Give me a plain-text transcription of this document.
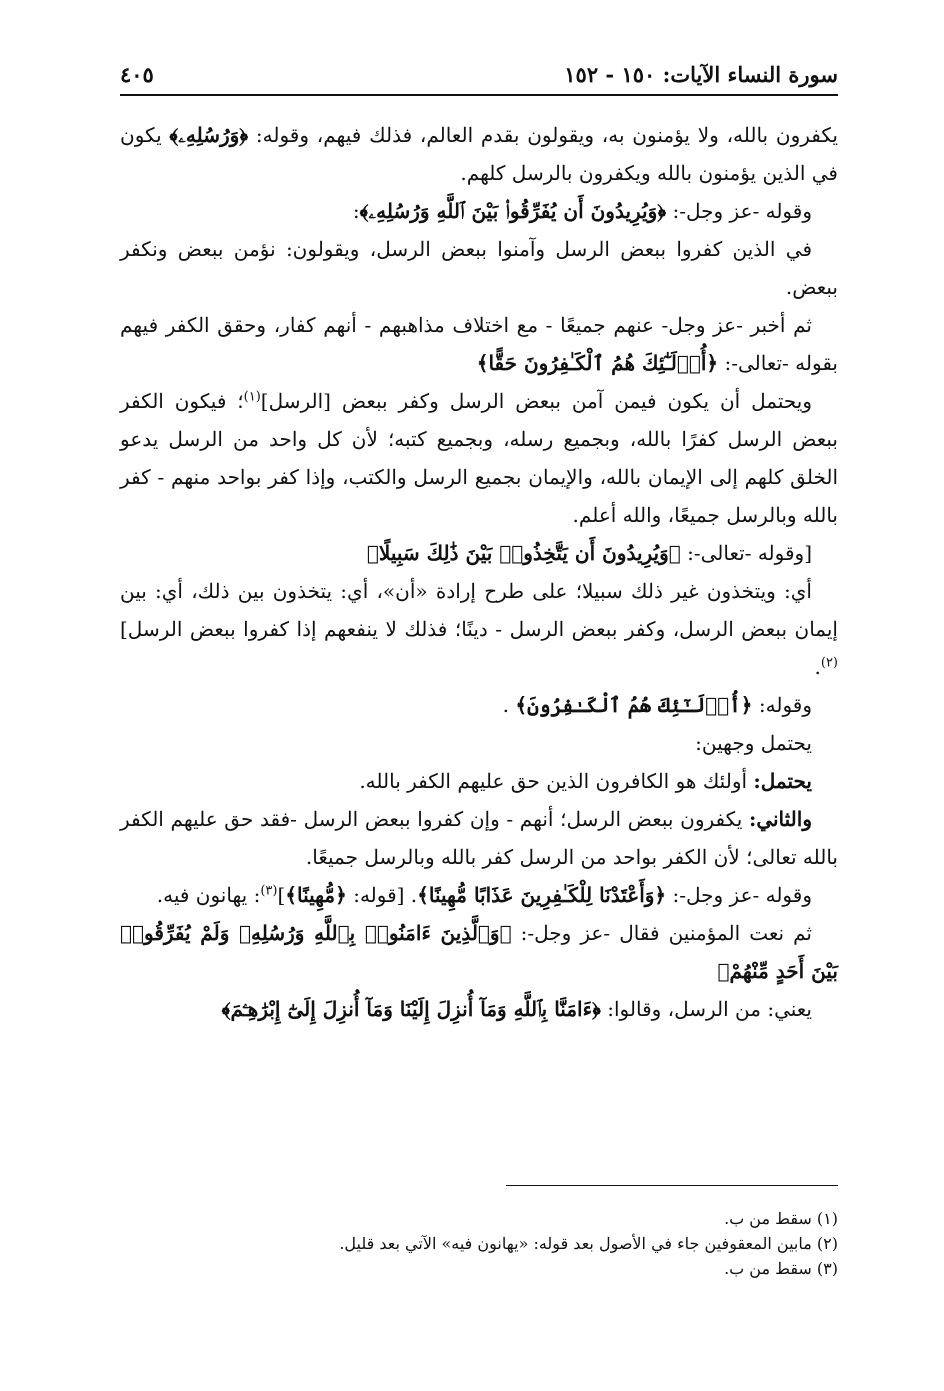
سورة النساء الآيات: ١٥٠ - ١٥٢
٤٠٥

يكفرون بالله، ولا يؤمنون به، ويقولون بقدم العالم، فذلك فيهم، وقوله: ﴿وَرُسُلِهِۦ﴾ يكون في الذين يؤمنون بالله ويكفرون بالرسل كلهم.

وقوله -عز وجل-: ﴿وَيُرِيدُونَ أَن يُفَرِّقُوا۟ بَيْنَ ٱللَّهِ وَرُسُلِهِۦ﴾:

في الذين كفروا ببعض الرسل وآمنوا ببعض الرسل، ويقولون: نؤمن ببعض ونكفر ببعض.

ثم أخبر -عز وجل- عنهم جميعًا - مع اختلاف مذاهبهم - أنهم كفار، وحقق الكفر فيهم بقوله -تعالى-: ﴿أُو۟لَـٰٓئِكَ هُمُ ٱلْكَـٰفِرُونَ حَقًّا﴾

ويحتمل أن يكون فيمن آمن ببعض الرسل وكفر ببعض [الرسل]$^{(١)}$؛ فيكون الكفر ببعض الرسل كفرًا بالله، وبجميع رسله، وبجميع كتبه؛ لأن كل واحد من الرسل يدعو الخلق كلهم إلى الإيمان بالله، والإيمان بجميع الرسل والكتب، وإذا كفر بواحد منهم - كفر بالله وبالرسل جميعًا، والله أعلم.

[وقوله -تعالى-: ﴿وَيُرِيدُونَ أَن يَتَّخِذُوا۟ بَيْنَ ذَٰلِكَ سَبِيلًا﴾

أي: ويتخذون غير ذلك سبيلا؛ على طرح إرادة «أن»، أي: يتخذون بين ذلك، أي: بين إيمان ببعض الرسل، وكفر ببعض الرسل - دينًا؛ فذلك لا ينفعهم إذا كفروا ببعض الرسل]$^{(٢)}$.

وقوله: ﴿أُو۟لَـٰٓئِكَ هُمُ ٱلْكَـٰفِرُونَ﴾ .

يحتمل وجهين:

يحتمل: أولئك هو الكافرون الذين حق عليهم الكفر بالله.

والثاني: يكفرون ببعض الرسل؛ أنهم - وإن كفروا ببعض الرسل -فقد حق عليهم الكفر بالله تعالى؛ لأن الكفر بواحد من الرسل كفر بالله وبالرسل جميعًا.

وقوله -عز وجل-: ﴿وَأَعْتَدْنَا لِلْكَـٰفِرِينَ عَذَابًا مُّهِينًا﴾. [قوله: ﴿مُّهِينًا﴾]$^{(٣)}$: يهانون فيه.

ثم نعت المؤمنين فقال -عز وجل-: ﴿وَٱلَّذِينَ ءَامَنُوا۟ بِٱللَّهِ وَرُسُلِهِۦ وَلَمْ يُفَرِّقُوا۟ بَيْنَ أَحَدٍ مِّنْهُمْ﴾

يعني: من الرسل، وقالوا: ﴿ءَامَنَّا بِٱللَّهِ وَمَآ أُنزِلَ إِلَيْنَا وَمَآ أُنزِلَ إِلَىٰٓ إِبْرَٰهِـۧمَ﴾

(١) سقط من ب.
(٢) مابين المعقوفين جاء في الأصول بعد قوله: «يهانون فيه» الآتي بعد قليل.
(٣) سقط من ب.
